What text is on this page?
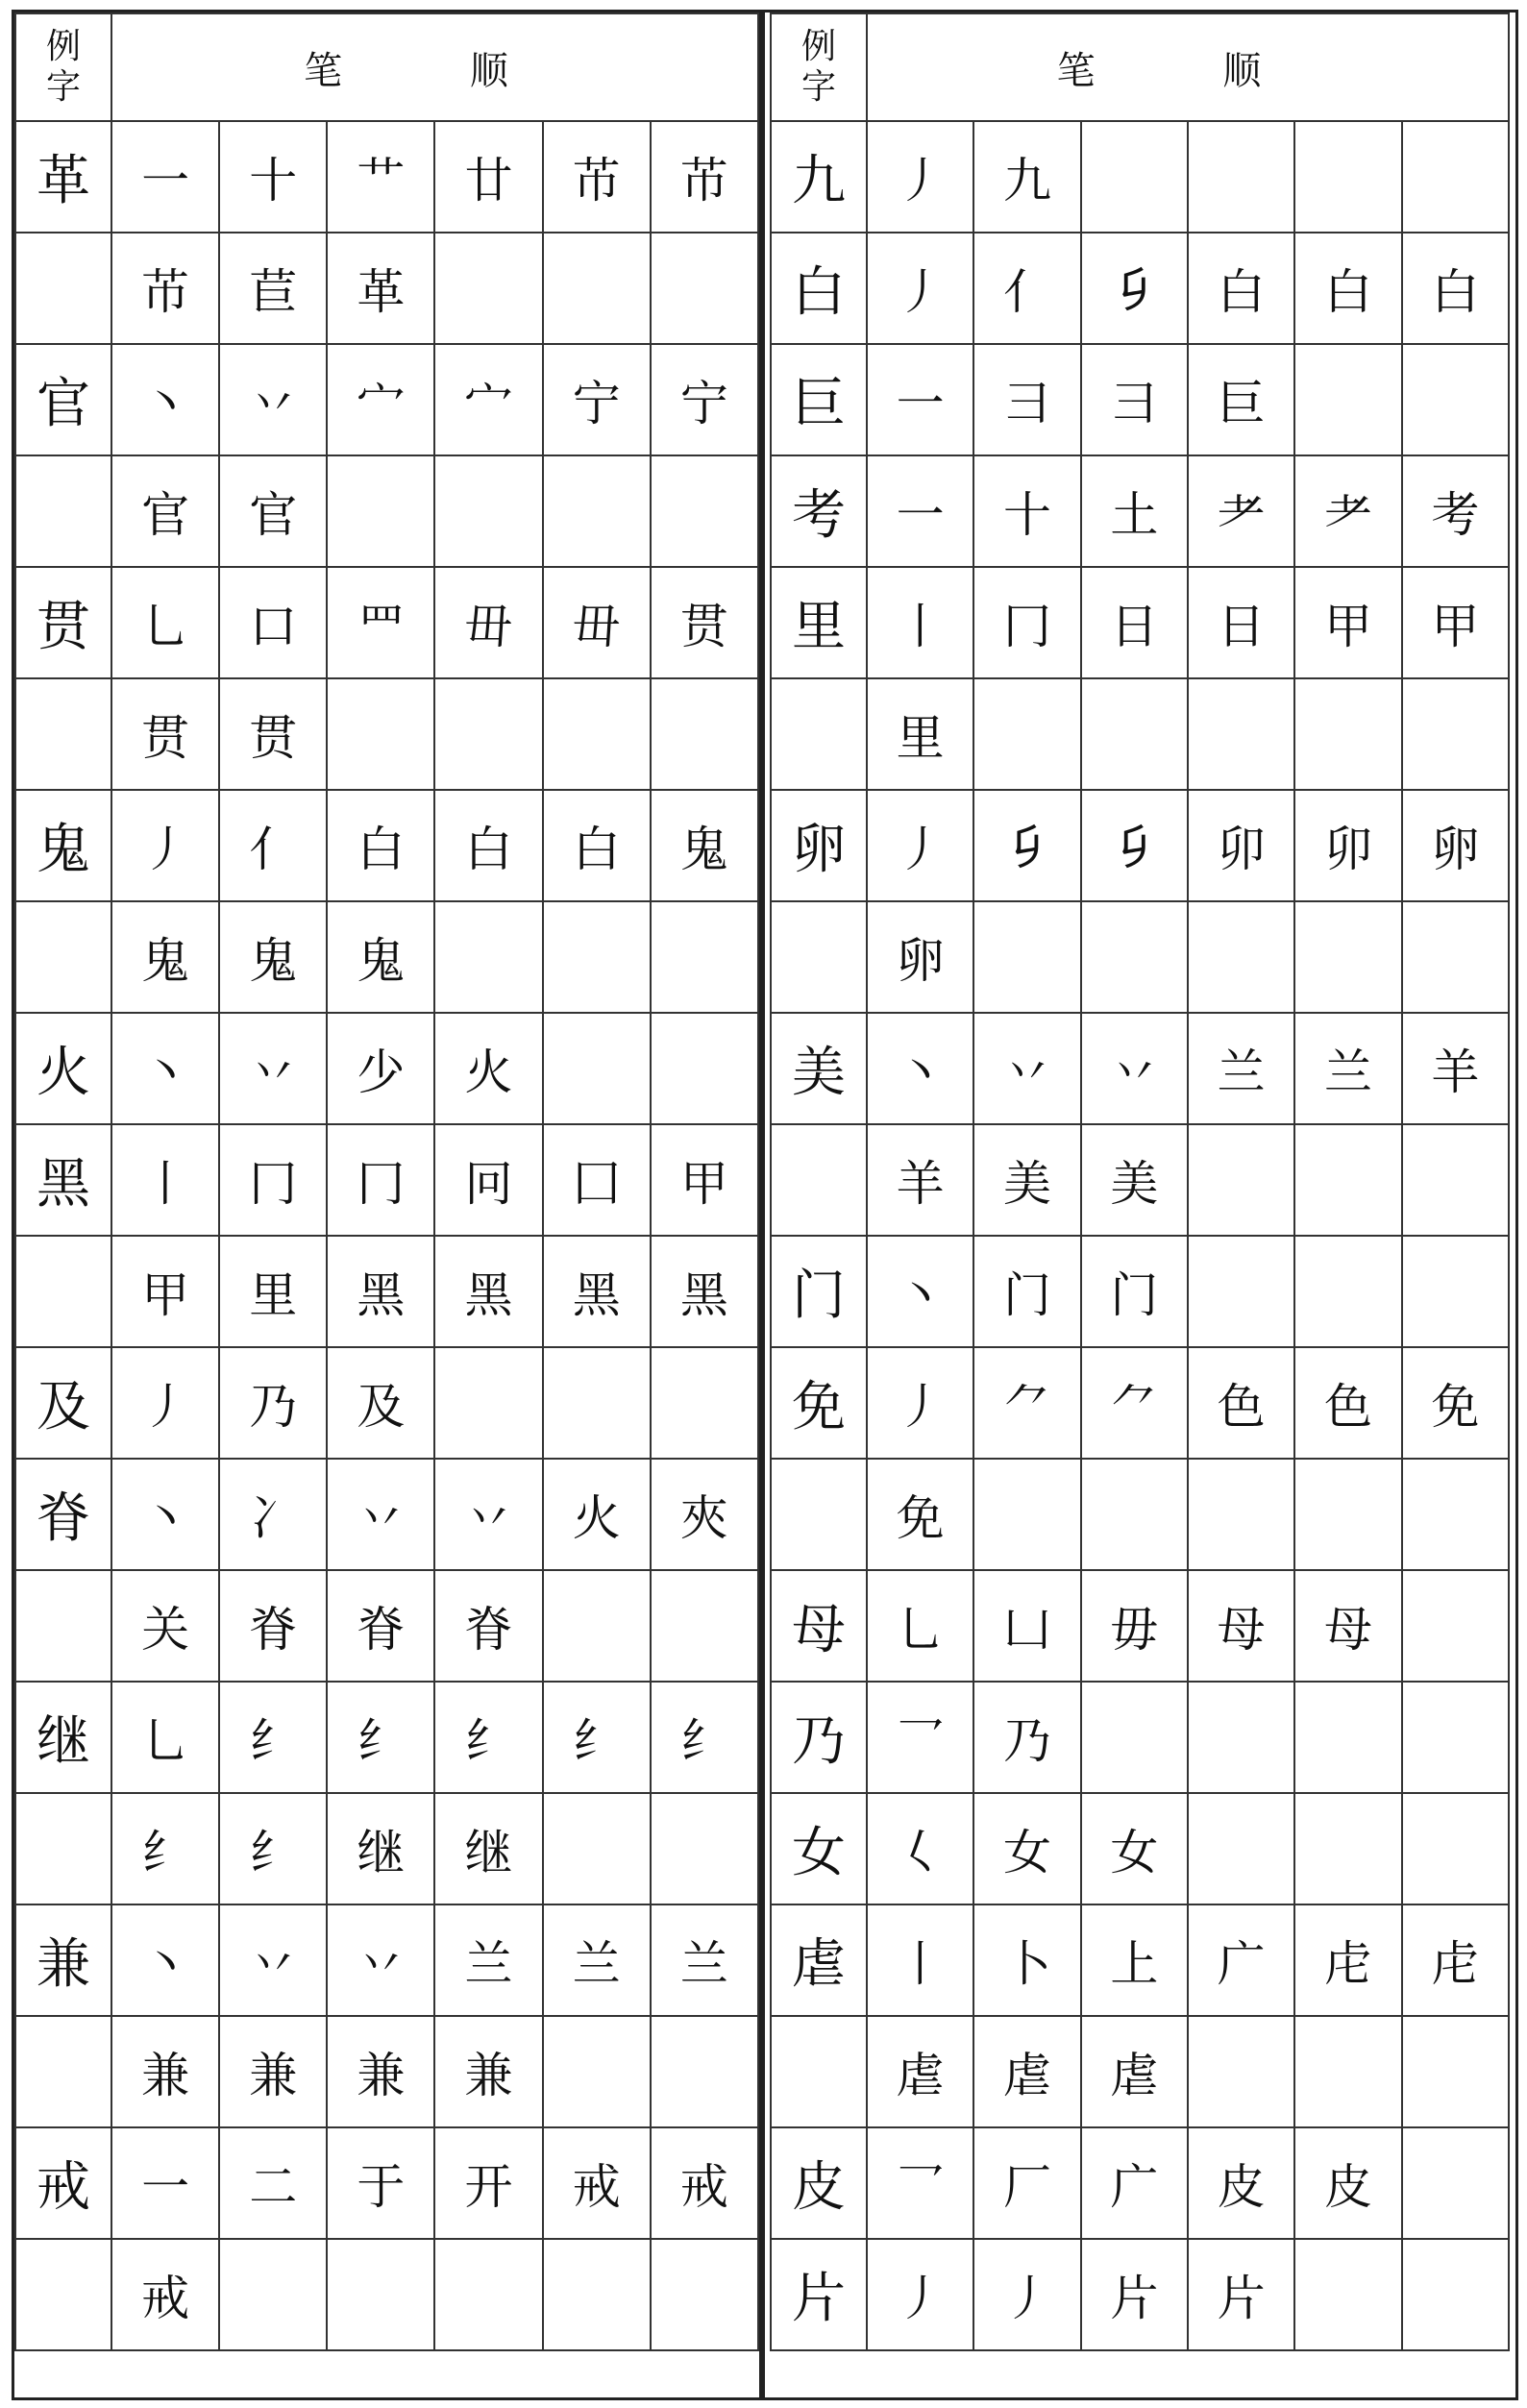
例
字	笔 顺					
革	一	十	艹	廿	芇	芇
	芇	苣	革			
官	丶	丷	宀	宀	宁	宁
	官	官				
贯	乚	口	罒	毌	毌	贯
	贯	贯				
鬼	丿	亻	白	白	白	鬼
	鬼	鬼	鬼			
火	丶	丷	少	火		
黑	丨	冂	冂	冋	囗	甲
	甲	里	黑	黑	黑	黑
及	丿	乃	及			
脊	丶	冫	丷	丷	火	夾
	关	脊	脊	脊		
继	乚	纟	纟	纟	纟	纟
	纟	纟	继	继		
兼	丶	丷	丷	兰	兰	兰
	兼	兼	兼	兼		
戒	一	二	于	开	戒	戒
	戒					
例
字	笔 顺					
九	丿	九				
白	丿	亻	𠂎	白	白	白
巨	一	彐	彐	巨		
考	一	十	土	耂	耂	考
里	丨	冂	日	日	甲	甲
	里					
卵	丿	𠂎	𠂎	卯	卯	卵
	卵					
美	丶	丷	丷	兰	兰	羊
	羊	美	美			
门	丶	门	门			
免	丿	⺈	⺈	色	色	免
	免					
母	乚	凵	毋	母	母	
乃	乛	乃				
女	𡿨	女	女			
虐	丨	卜	上	广	虍	虍
	虐	虐	虐			
皮	乛	厂	广	皮	皮	
片	丿	丿	片	片		
